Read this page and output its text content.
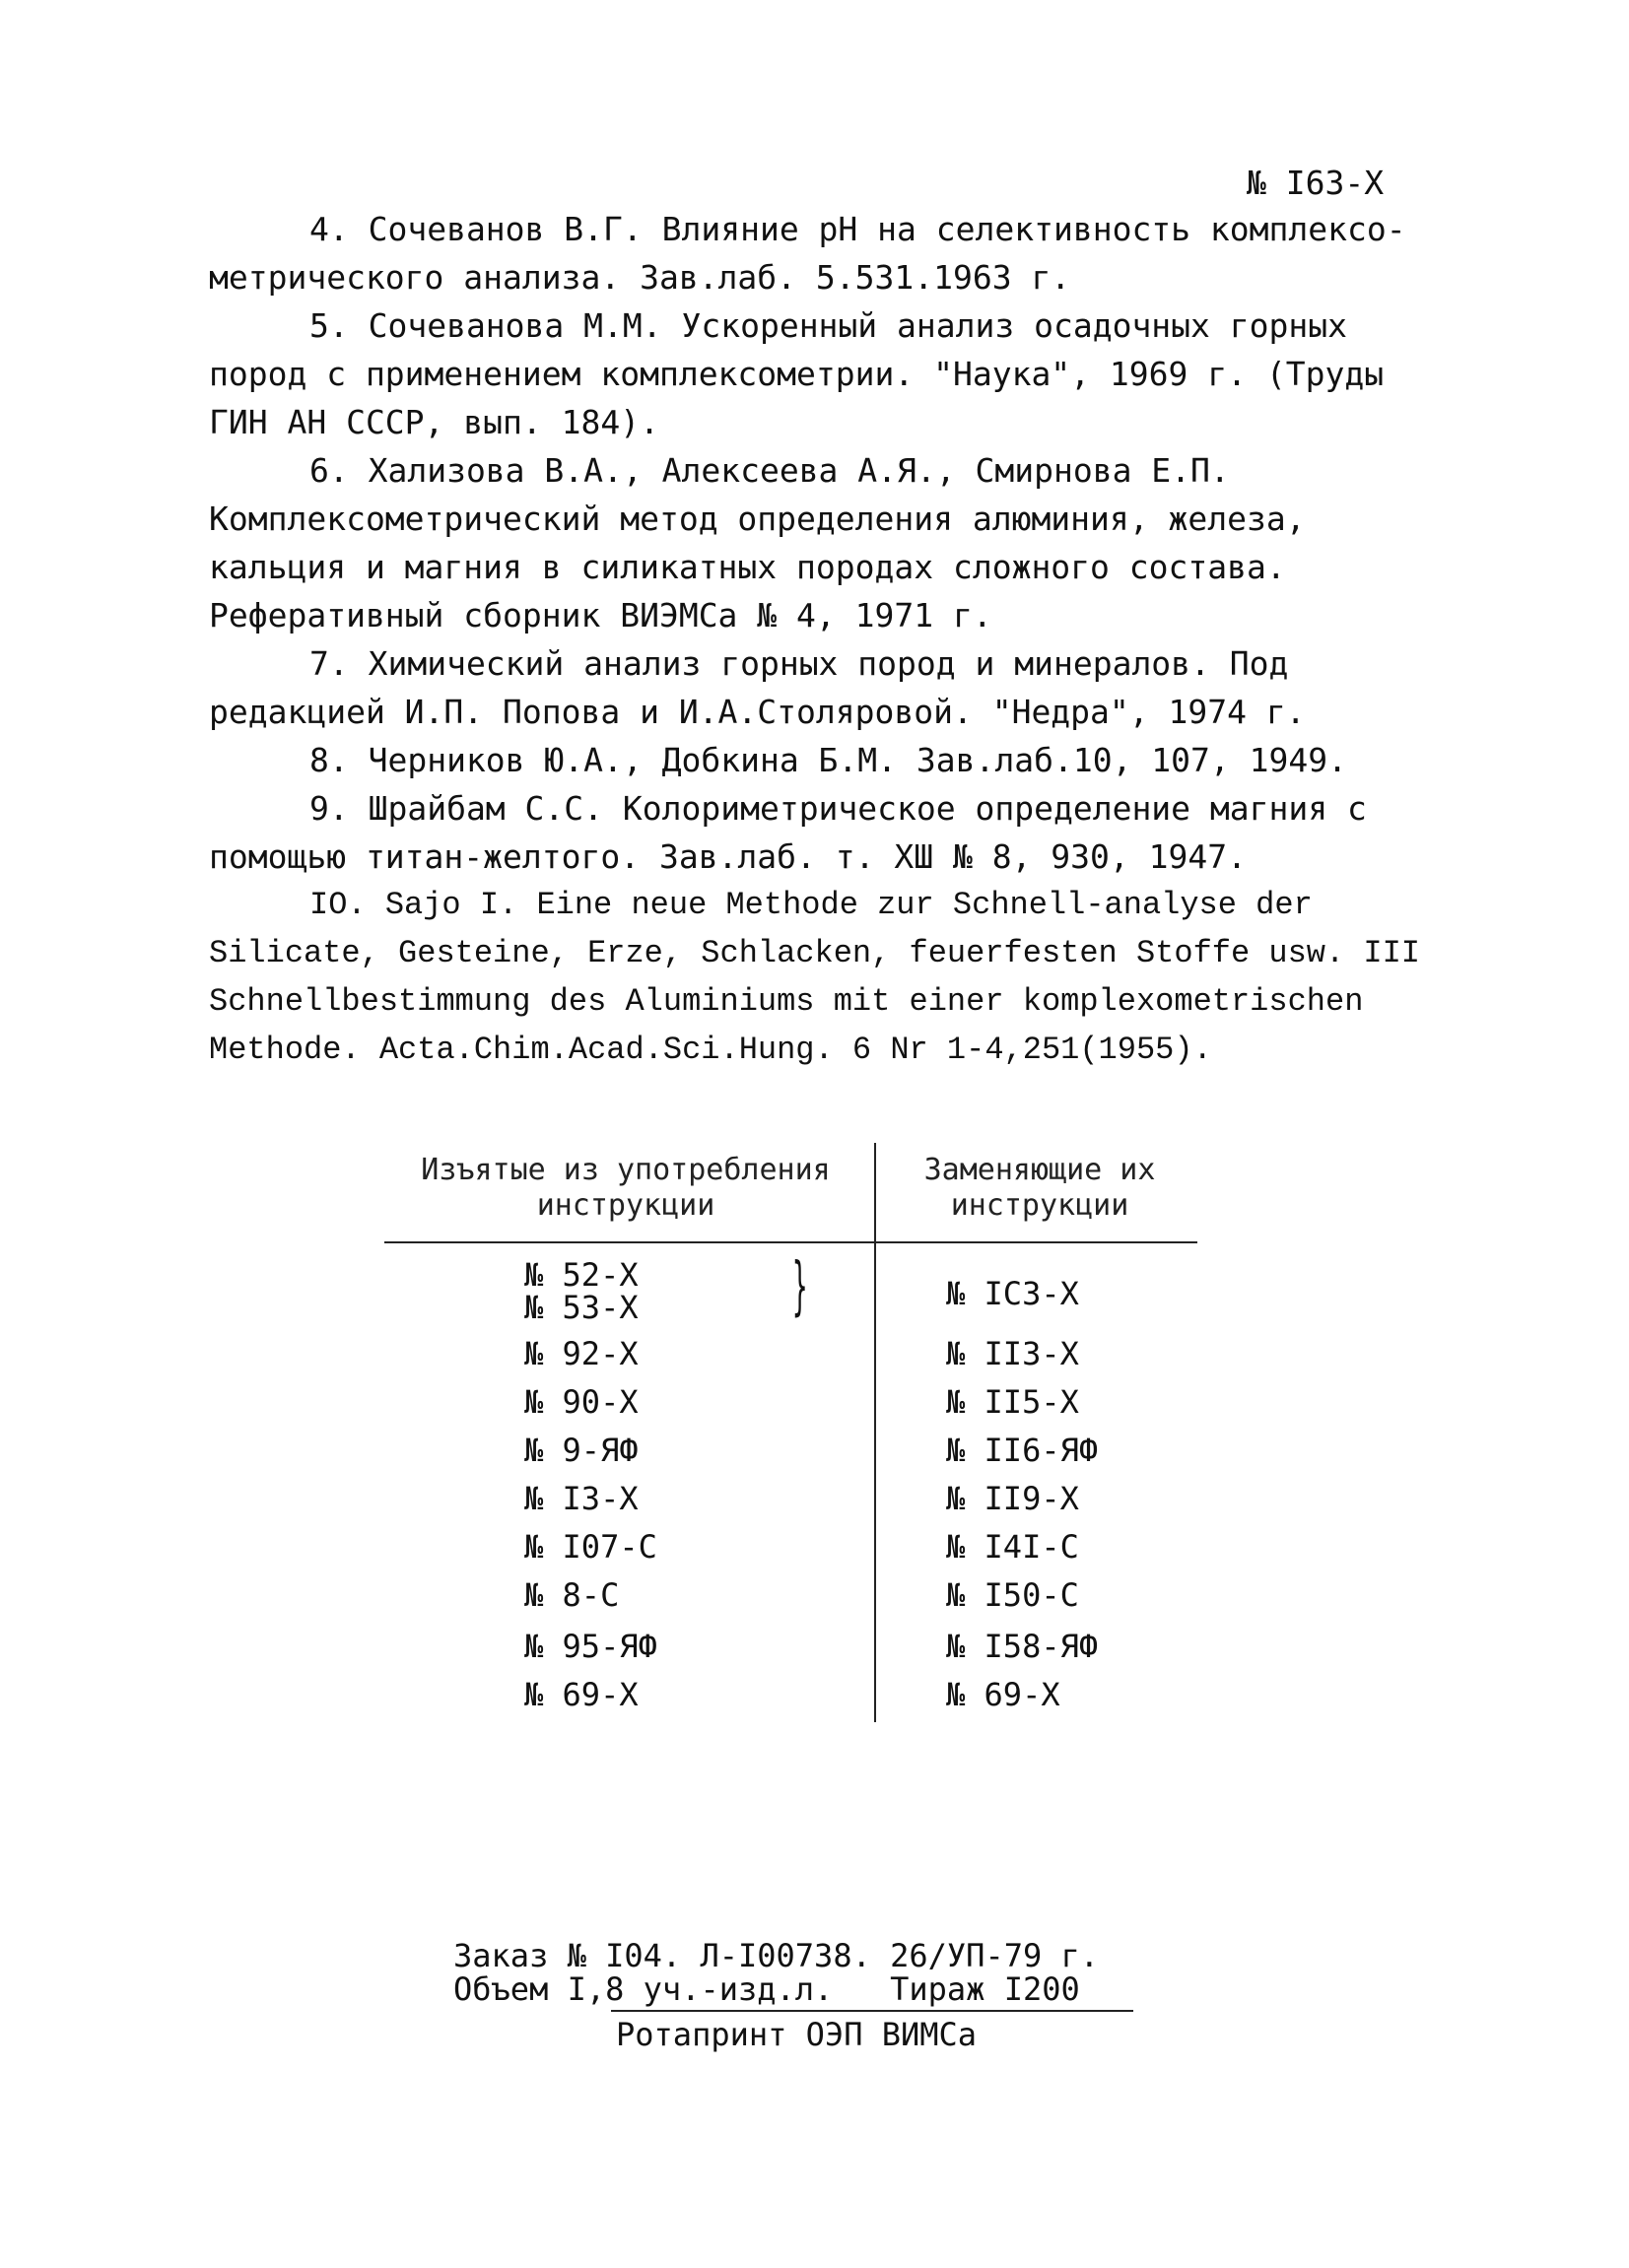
№ I63-Х

4. Сочеванов В.Г. Влияние рН на селективность комплексо-метрического анализа. Зав.лаб. 5.531.1963 г.

5. Сочеванова М.М. Ускоренный анализ осадочных горных пород с применением комплексометрии. "Наука", 1969 г. (Труды ГИН АН СССР, вып. 184).

6. Хализова В.А., Алексеева А.Я., Смирнова Е.П. Комплексометрический метод определения алюминия, железа, кальция и магния в силикатных породах сложного состава. Реферативный сборник ВИЭМСа № 4, 1971 г.

7. Химический анализ горных пород и минералов. Под редакцией И.П. Попова и И.А.Столяровой. "Недра", 1974 г.

8. Черников Ю.А., Добкина Б.М. Зав.лаб.10, 107, 1949.

9. Шрайбам С.С. Колориметрическое определение магния с помощью титан-желтого. Зав.лаб. т. ХШ № 8, 930, 1947.

IO. Sajo I. Eine neue Methode zur Schnell-analyse der Silicate, Gesteine, Erze, Schlacken, feuerfesten Stoffe usw. III Schnellbestimmung des Aluminiums mit einer komplexometrischen Methode. Acta.Chim.Acad.Sci.Hung. 6 Nr 1-4,251(1955).

Изъятые из употребления инструкции
Заменяющие их инструкции
№ 52-Х
№ 53-Х }	№ IC3-Х
№ 92-Х	№ II3-Х
№ 90-Х	№ II5-Х
№ 9-ЯФ	№ II6-ЯФ
№ I3-Х	№ II9-Х
№ I07-С	№ I4I-С
№ 8-С	№ I50-С
№ 95-ЯФ	№ I58-ЯФ
№ 69-Х	№ 69-Х
Заказ № I04. Л-I00738. 26/УП-79 г.
Объем I,8 уч.-изд.л.   Тираж I200
Ротапринт ОЭП ВИМСа
